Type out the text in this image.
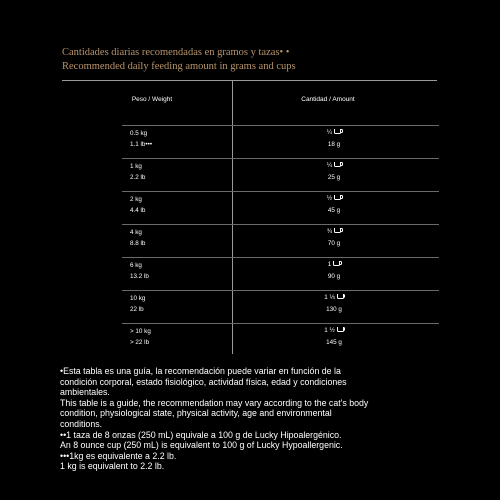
Cantidades diarias recomendadas en gramos y tazas• •
Recommended daily feeding amount in grams and cups
Peso / Weight	Cantidad / Amount
0.5 kg
1.1 lb•••
¼
18 g
1 kg
2.2 lb
¼
25 g
2 kg
4.4 lb
½
45 g
4 kg
8.8 lb
¾
70 g
6 kg
13.2 lb
1
90 g
10 kg
22 lb
1 ⅓
130 g
> 10 kg
> 22 lb
1 ½
145 g
•Esta tabla es una guía, la recomendación puede variar en función de la
condición corporal, estado fisiológico, actividad física, edad y condiciones
ambientales.
This table is a guide, the recommendation may vary according to the cat's body
condition, physiological state, physical activity, age and environmental
conditions.
••1 taza de 8 onzas (250 mL) equivale a 100 g de Lucky Hipoalergénico.
An 8 ounce cup (250 mL) is equivalent to 100 g of Lucky Hypoallergenic.
•••1kg es equivalente a 2.2 lb.
1 kg is equivalent to 2.2 lb.
